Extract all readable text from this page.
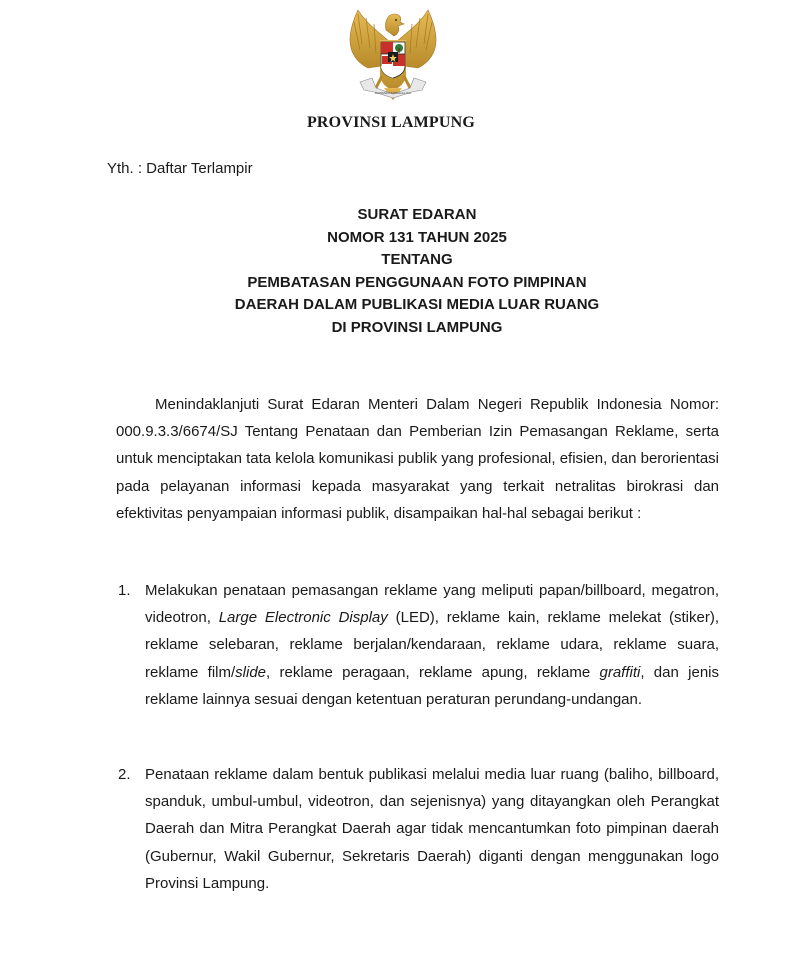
BHINNEKA TUNGGAL IKA
PROVINSI LAMPUNG
Yth. : Daftar Terlampir
SURAT EDARAN
NOMOR 131 TAHUN 2025
TENTANG
PEMBATASAN PENGGUNAAN FOTO PIMPINAN
DAERAH DALAM PUBLIKASI MEDIA LUAR RUANG
DI PROVINSI LAMPUNG
Menindaklanjuti Surat Edaran Menteri Dalam Negeri Republik Indonesia Nomor: 000.9.3.3/6674/SJ Tentang Penataan dan Pemberian Izin Pemasangan Reklame, serta untuk menciptakan tata kelola komunikasi publik yang profesional, efisien, dan berorientasi pada pelayanan informasi kepada masyarakat yang terkait netralitas birokrasi dan efektivitas penyampaian informasi publik, disampaikan hal-hal sebagai berikut :
1. Melakukan penataan pemasangan reklame yang meliputi papan/billboard, megatron, videotron, Large Electronic Display (LED), reklame kain, reklame melekat (stiker), reklame selebaran, reklame berjalan/kendaraan, reklame udara, reklame suara, reklame film/slide, reklame peragaan, reklame apung, reklame graffiti, dan jenis reklame lainnya sesuai dengan ketentuan peraturan perundang-undangan.
2. Penataan reklame dalam bentuk publikasi melalui media luar ruang (baliho, billboard, spanduk, umbul-umbul, videotron, dan sejenisnya) yang ditayangkan oleh Perangkat Daerah dan Mitra Perangkat Daerah agar tidak mencantumkan foto pimpinan daerah (Gubernur, Wakil Gubernur, Sekretaris Daerah) diganti dengan menggunakan logo Provinsi Lampung.
